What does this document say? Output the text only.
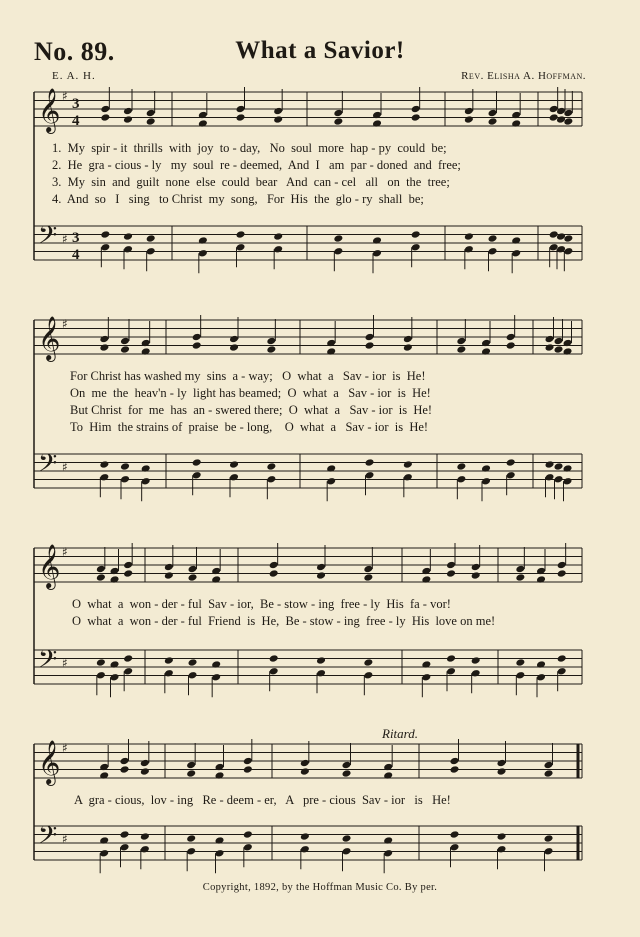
No. 89.	What a Savior!
E. A. H.	Rev. Elisha A. Hoffman.
𝄞 ♯ 3
4
𝄢 ♯ 3
4
𝄞 ♯
𝄢 ♯
𝄞 ♯
𝄢 ♯
𝄞 ♯
𝄢 ♯
1.  My  spir - it  thrills  with  joy  to - day,   No  soul  more  hap - py  could  be;
2.  He  gra - cious - ly   my  soul  re - deemed,  And  I   am  par - doned  and  free;
3.  My  sin  and  guilt  none  else  could  bear   And  can - cel   all   on  the  tree;
4.  And  so   I   sing   to Christ  my  song,   For  His  the  glo - ry  shall  be;
For Christ has washed my  sins  a - way;   O  what  a   Sav - ior  is  He!
On  me  the  heav'n - ly  light has beamed;  O  what  a   Sav - ior  is  He!
But Christ  for  me  has  an - swered there;  O  what  a   Sav - ior  is  He!
To  Him  the strains of  praise  be - long,    O  what  a   Sav - ior  is  He!
O  what  a  won - der - ful  Sav - ior,  Be - stow - ing  free - ly  His  fa - vor!
O  what  a  won - der - ful  Friend  is  He,  Be - stow - ing  free - ly  His  love on me!
Ritard.
A  gra - cious,  lov - ing   Re - deem - er,   A   pre - cious  Sav - ior   is   He!
Copyright, 1892, by the Hoffman Music Co. By per.
